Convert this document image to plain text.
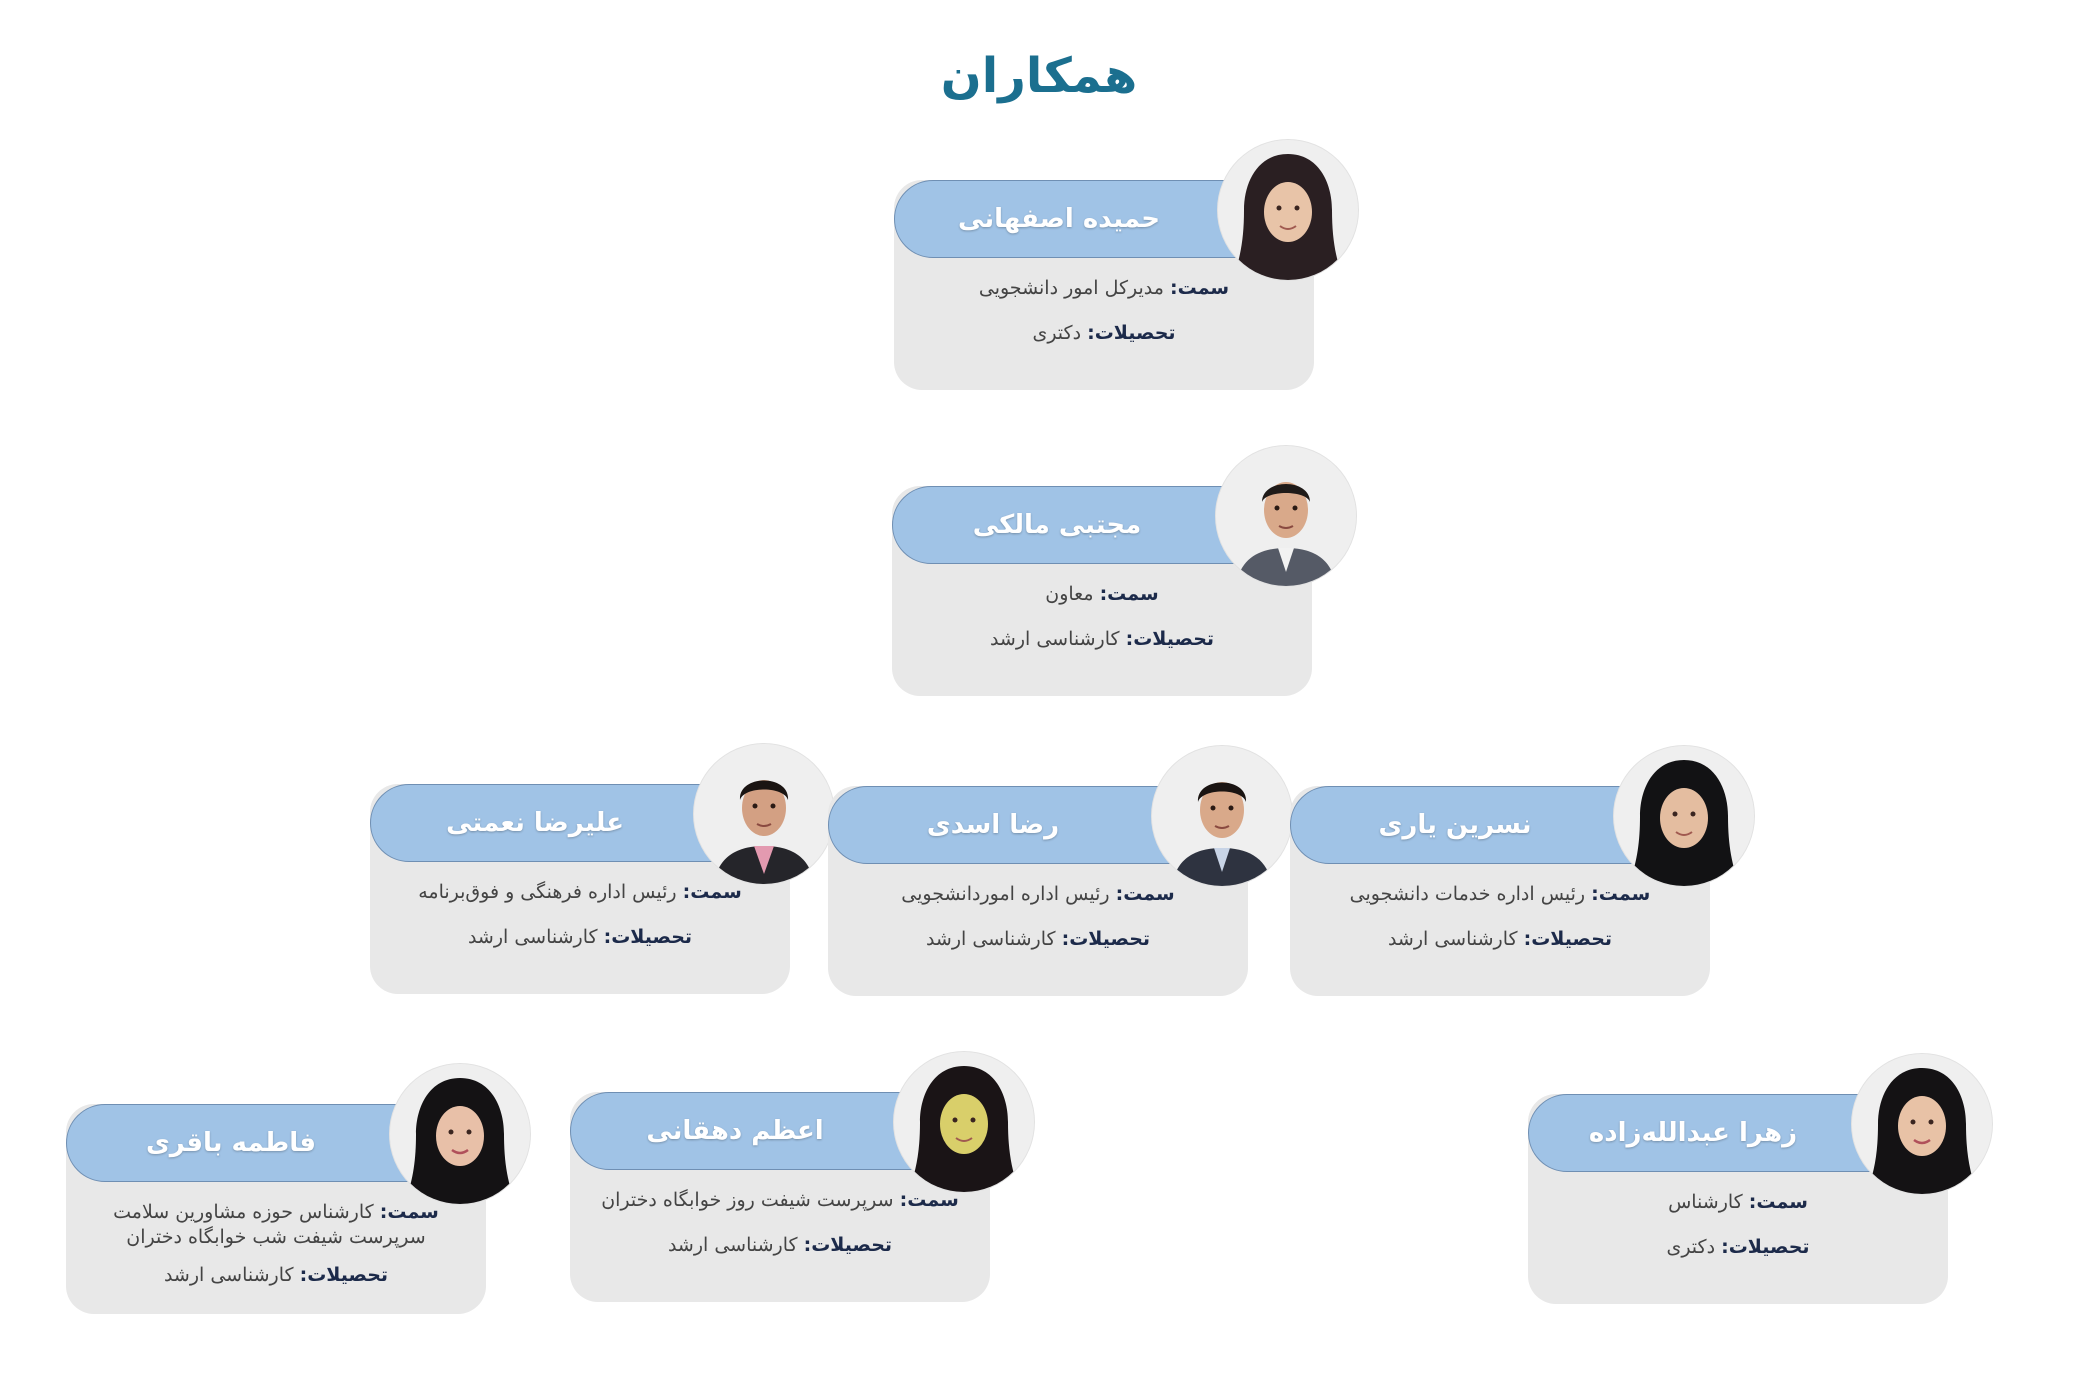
همکاران
حمیده اصفهانی
سمت: مدیرکل امور دانشجویی
تحصیلات: دکتری
مجتبی مالکی
سمت: معاون
تحصیلات: کارشناسی ارشد
علیرضا نعمتی
سمت: رئیس اداره فرهنگی و فوق‌برنامه
تحصیلات: کارشناسی ارشد
رضا اسدی
سمت: رئیس اداره اموردانشجویی
تحصیلات: کارشناسی ارشد
نسرین یاری
سمت: رئیس اداره خدمات دانشجویی
تحصیلات: کارشناسی ارشد
فاطمه باقری
سمت: کارشناس حوزه مشاورین سلامت
سرپرست شیفت شب خوابگاه دختران
تحصیلات: کارشناسی ارشد
اعظم دهقانی
سمت: سرپرست شیفت روز خوابگاه دختران
تحصیلات: کارشناسی ارشد
زهرا عبدالله‌زاده
سمت: کارشناس
تحصیلات: دکتری
